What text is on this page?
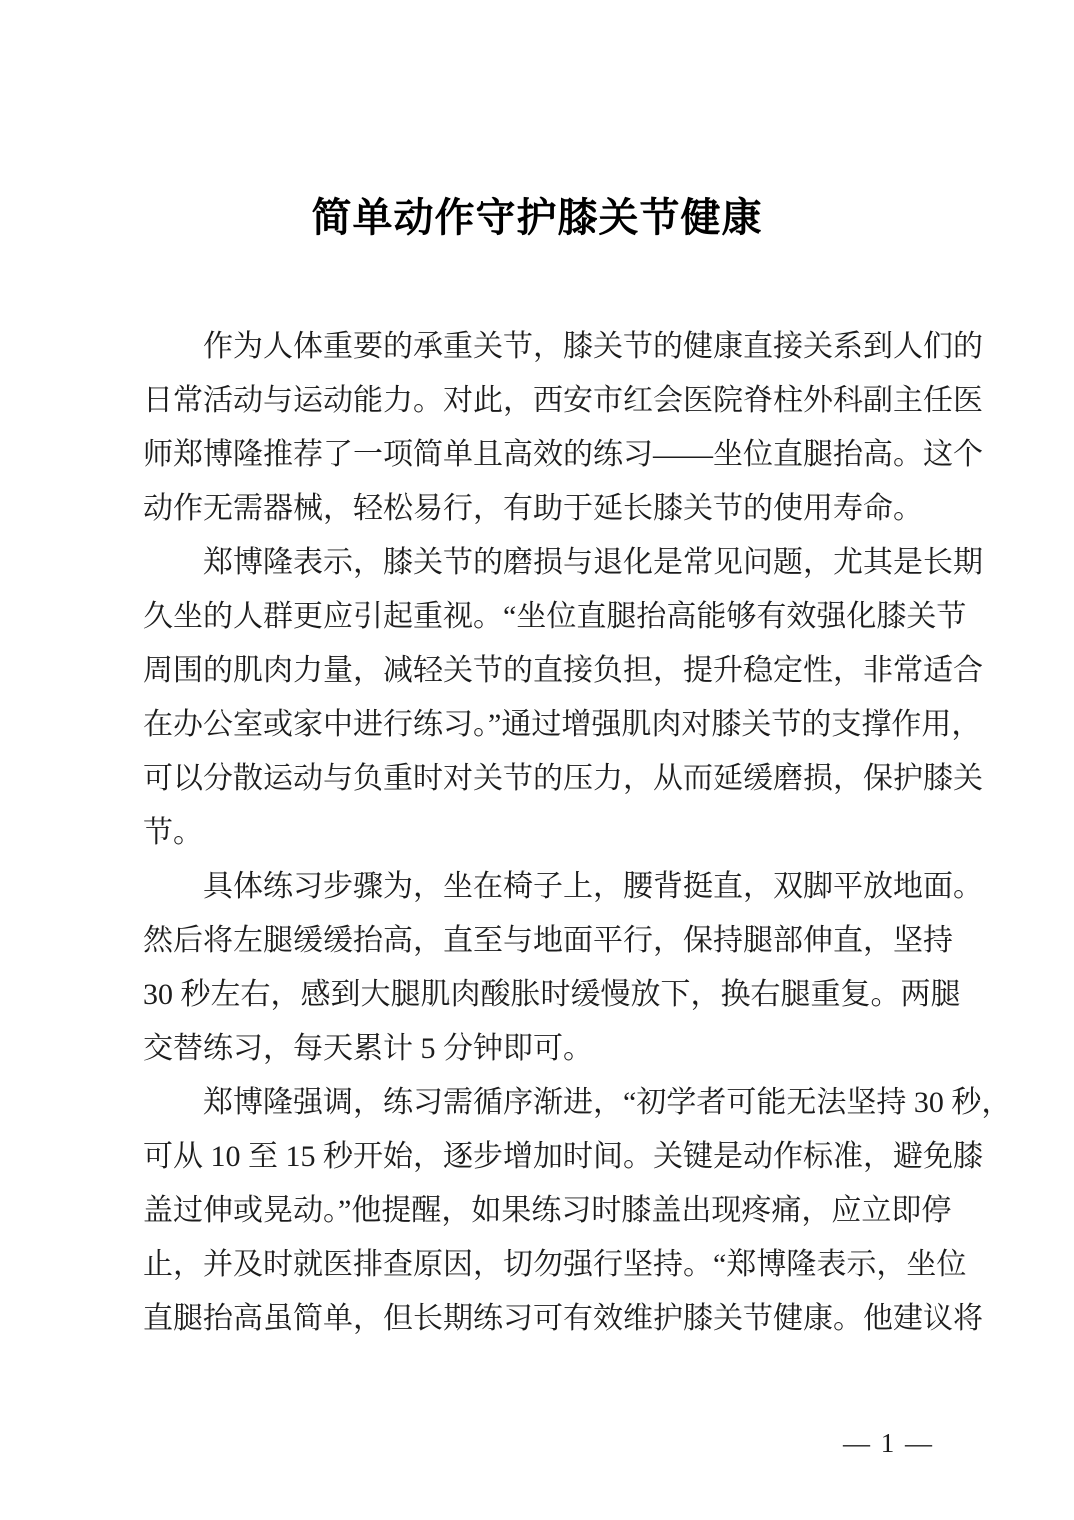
简单动作守护膝关节健康
作为人体重要的承重关节，膝关节的健康直接关系到人们的
日常活动与运动能力。对此，西安市红会医院脊柱外科副主任医
师郑博隆推荐了一项简单且高效的练习——坐位直腿抬高。这个
动作无需器械，轻松易行，有助于延长膝关节的使用寿命。
郑博隆表示，膝关节的磨损与退化是常见问题，尤其是长期
久坐的人群更应引起重视。“坐位直腿抬高能够有效强化膝关节
周围的肌肉力量，减轻关节的直接负担，提升稳定性，非常适合
在办公室或家中进行练习。”通过增强肌肉对膝关节的支撑作用，
可以分散运动与负重时对关节的压力，从而延缓磨损，保护膝关
节。
具体练习步骤为，坐在椅子上，腰背挺直，双脚平放地面。
然后将左腿缓缓抬高，直至与地面平行，保持腿部伸直，坚持
30 秒左右，感到大腿肌肉酸胀时缓慢放下，换右腿重复。两腿
交替练习，每天累计 5 分钟即可。
郑博隆强调，练习需循序渐进，“初学者可能无法坚持 30 秒，
可从 10 至 15 秒开始，逐步增加时间。关键是动作标准，避免膝
盖过伸或晃动。”他提醒，如果练习时膝盖出现疼痛，应立即停
止，并及时就医排查原因，切勿强行坚持。“郑博隆表示，坐位
直腿抬高虽简单，但长期练习可有效维护膝关节健康。他建议将
— 1 —
